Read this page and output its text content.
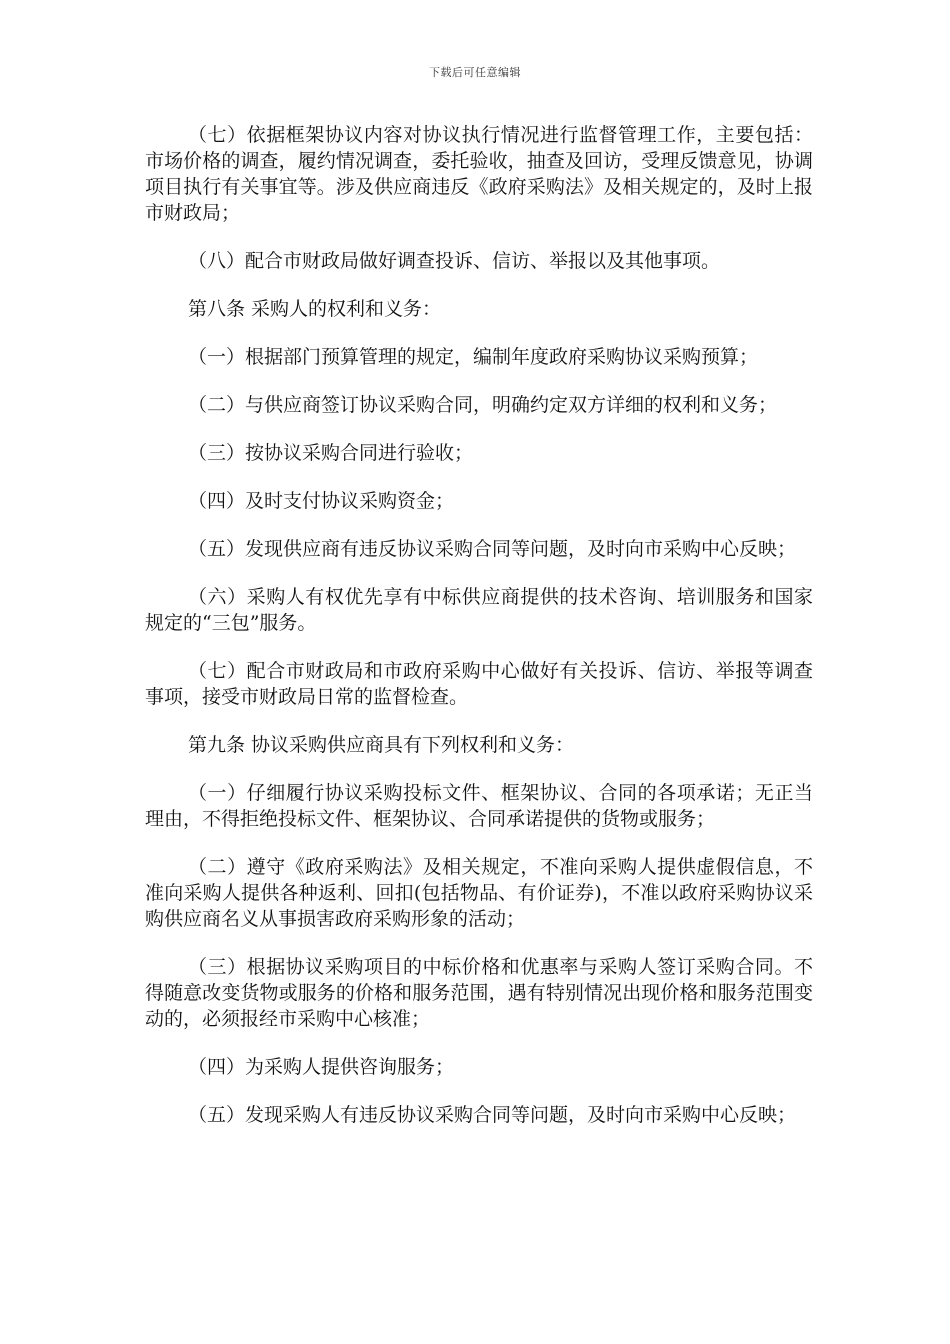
下载后可任意编辑

（七）依据框架协议内容对协议执行情况进行监督管理工作，主要包括：市场价格的调查，履约情况调查，委托验收，抽查及回访，受理反馈意见，协调项目执行有关事宜等。涉及供应商违反《政府采购法》及相关规定的，及时上报市财政局；

（八）配合市财政局做好调查投诉、信访、举报以及其他事项。

第八条 采购人的权利和义务：

（一）根据部门预算管理的规定，编制年度政府采购协议采购预算；

（二）与供应商签订协议采购合同，明确约定双方详细的权利和义务；

（三）按协议采购合同进行验收；

（四）及时支付协议采购资金；

（五）发现供应商有违反协议采购合同等问题，及时向市采购中心反映；

（六）采购人有权优先享有中标供应商提供的技术咨询、培训服务和国家规定的“三包”服务。

（七）配合市财政局和市政府采购中心做好有关投诉、信访、举报等调查事项，接受市财政局日常的监督检查。

第九条 协议采购供应商具有下列权利和义务：

（一）仔细履行协议采购投标文件、框架协议、合同的各项承诺；无正当理由，不得拒绝投标文件、框架协议、合同承诺提供的货物或服务；

（二）遵守《政府采购法》及相关规定，不准向采购人提供虚假信息，不准向采购人提供各种返利、回扣(包括物品、有价证券)，不准以政府采购协议采购供应商名义从事损害政府采购形象的活动；

（三）根据协议采购项目的中标价格和优惠率与采购人签订采购合同。不得随意改变货物或服务的价格和服务范围，遇有特别情况出现价格和服务范围变动的，必须报经市采购中心核准；

（四）为采购人提供咨询服务；

（五）发现采购人有违反协议采购合同等问题，及时向市采购中心反映；
